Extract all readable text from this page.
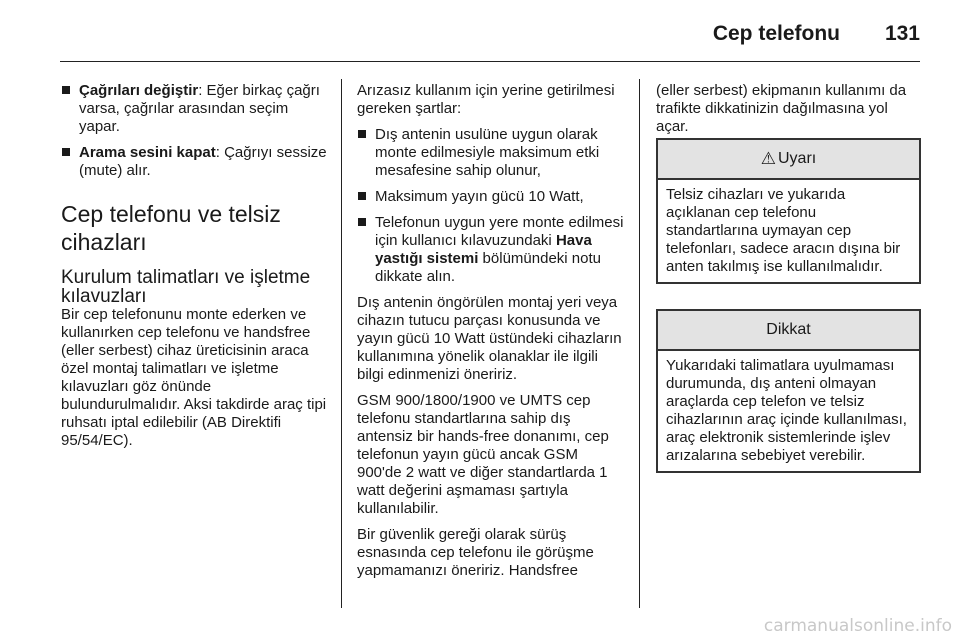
Cep telefonu 131
Çağrıları değiştir: Eğer birkaç çağrı varsa, çağrılar arasından seçim yapar.
Arama sesini kapat: Çağrıyı sessize (mute) alır.
Cep telefonu ve telsiz cihazları
Kurulum talimatları ve işletme kılavuzları

Bir cep telefonunu monte ederken ve kullanırken cep telefonu ve handsfree (eller serbest) cihaz üreticisinin araca özel montaj talimatları ve işletme kılavuzları göz önünde bulundurulmalıdır. Aksi takdirde araç tipi ruhsatı iptal edilebilir (AB Direktifi 95/54/EC).

Arızasız kullanım için yerine getirilmesi gereken şartlar:

Dış antenin usulüne uygun olarak monte edilmesiyle maksimum etki mesafesine sahip olunur,
Maksimum yayın gücü 10 Watt,
Telefonun uygun yere monte edilmesi için kullanıcı kılavuzundaki Hava yastığı sistemi bölümündeki notu dikkate alın.

Dış antenin öngörülen montaj yeri veya cihazın tutucu parçası konusunda ve yayın gücü 10 Watt üstündeki cihazların kullanımına yönelik olanaklar ile ilgili bilgi edinmenizi öneririz.

GSM 900/1800/1900 ve UMTS cep telefonu standartlarına sahip dış antensiz bir hands-free donanımı, cep telefonun yayın gücü ancak GSM 900'de 2 watt ve diğer standartlarda 1 watt değerini aşmaması şartıyla kullanılabilir.

Bir güvenlik gereği olarak sürüş esnasında cep telefonu ile görüşme yapmamanızı öneririz. Handsfree

(eller serbest) ekipmanın kullanımı da trafikte dikkatinizin dağılmasına yol açar.

⚠ Uyarı
Telsiz cihazları ve yukarıda açıklanan cep telefonu standartlarına uymayan cep telefonları, sadece aracın dışına bir anten takılmış ise kullanılmalıdır.
Dikkat
Yukarıdaki talimatlara uyulmaması durumunda, dış anteni olmayan araçlarda cep telefon ve telsiz cihazlarının araç içinde kullanılması, araç elektronik sistemlerinde işlev arızalarına sebebiyet verebilir.
carmanualsonline.info
